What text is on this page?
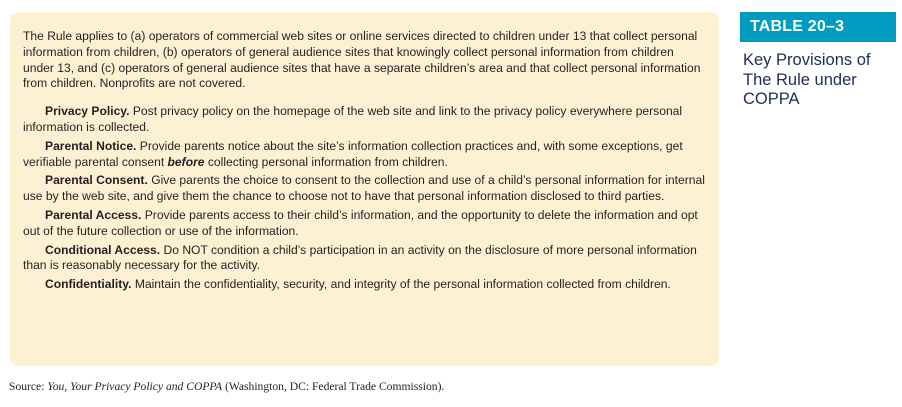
The Rule applies to (a) operators of commercial web sites or online services directed to children under 13 that collect personal information from children, (b) operators of general audience sites that knowingly collect personal information from children under 13, and (c) operators of general audience sites that have a separate children’s area and that collect personal information from children. Nonprofits are not covered.

Privacy Policy. Post privacy policy on the homepage of the web site and link to the privacy policy everywhere personal information is collected.

Parental Notice. Provide parents notice about the site’s information collection practices and, with some exceptions, get verifiable parental consent before collecting personal information from children.

Parental Consent. Give parents the choice to consent to the collection and use of a child’s personal information for internal use by the web site, and give them the chance to choose not to have that personal information disclosed to third parties.

Parental Access. Provide parents access to their child’s information, and the opportunity to delete the information and opt out of the future collection or use of the information.

Conditional Access. Do NOT condition a child’s participation in an activity on the disclosure of more personal information than is reasonably necessary for the activity.

Confidentiality. Maintain the confidentiality, security, and integrity of the personal information collected from children.

TABLE 20–3
Key Provisions of The Rule under COPPA
Source: You, Your Privacy Policy and COPPA (Washington, DC: Federal Trade Commission).
